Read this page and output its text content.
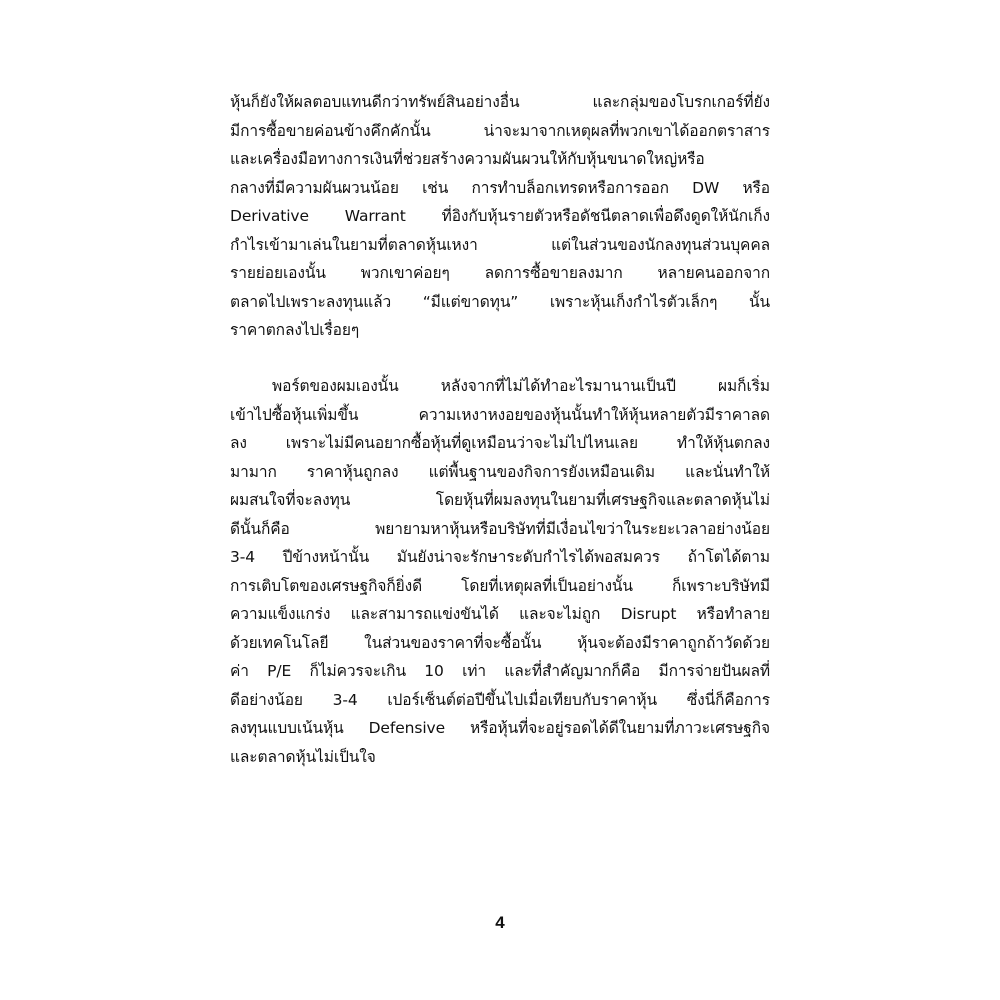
หุ้นก็ยังให้ผลตอบแทนดีกว่าทรัพย์สินอย่างอื่น และกลุ่มของโบรกเกอร์ที่ยัง
มีการซื้อขายค่อนข้างคึกคักนั้น น่าจะมาจากเหตุผลที่พวกเขาได้ออกตราสาร
และเครื่องมือทางการเงินที่ช่วยสร้างความผันผวนให้กับหุ้นขนาดใหญ่หรือ
กลางที่มีความผันผวนน้อย เช่น การทำบล็อกเทรดหรือการออก DW หรือ
Derivative Warrant ที่อิงกับหุ้นรายตัวหรือดัชนีตลาดเพื่อดึงดูดให้นักเก็ง
กำไรเข้ามาเล่นในยามที่ตลาดหุ้นเหงา แต่ในส่วนของนักลงทุนส่วนบุคคล
รายย่อยเองนั้น พวกเขาค่อยๆ ลดการซื้อขายลงมาก หลายคนออกจาก
ตลาดไปเพราะลงทุนแล้ว “มีแต่ขาดทุน” เพราะหุ้นเก็งกำไรตัวเล็กๆ นั้น
ราคาตกลงไปเรื่อยๆ
พอร์ตของผมเองนั้น หลังจากที่ไม่ได้ทำอะไรมานานเป็นปี ผมก็เริ่ม
เข้าไปซื้อหุ้นเพิ่มขึ้น ความเหงาหงอยของหุ้นนั้นทำให้หุ้นหลายตัวมีราคาลด
ลง เพราะไม่มีคนอยากซื้อหุ้นที่ดูเหมือนว่าจะไม่ไปไหนเลย ทำให้หุ้นตกลง
มามาก ราคาหุ้นถูกลง แต่พื้นฐานของกิจการยังเหมือนเดิม และนั่นทำให้
ผมสนใจที่จะลงทุน โดยหุ้นที่ผมลงทุนในยามที่เศรษฐกิจและตลาดหุ้นไม่
ดีนั้นก็คือ พยายามหาหุ้นหรือบริษัทที่มีเงื่อนไขว่าในระยะเวลาอย่างน้อย
3-4 ปีข้างหน้านั้น มันยังน่าจะรักษาระดับกำไรได้พอสมควร ถ้าโตได้ตาม
การเติบโตของเศรษฐกิจก็ยิ่งดี โดยที่เหตุผลที่เป็นอย่างนั้น ก็เพราะบริษัทมี
ความแข็งแกร่ง และสามารถแข่งขันได้ และจะไม่ถูก Disrupt หรือทำลาย
ด้วยเทคโนโลยี ในส่วนของราคาที่จะซื้อนั้น หุ้นจะต้องมีราคาถูกถ้าวัดด้วย
ค่า P/E ก็ไม่ควรจะเกิน 10 เท่า และที่สำคัญมากก็คือ มีการจ่ายปันผลที่
ดีอย่างน้อย 3-4 เปอร์เซ็นต์ต่อปีขึ้นไปเมื่อเทียบกับราคาหุ้น ซึ่งนี่ก็คือการ
ลงทุนแบบเน้นหุ้น Defensive หรือหุ้นที่จะอยู่รอดได้ดีในยามที่ภาวะเศรษฐกิจ
และตลาดหุ้นไม่เป็นใจ
4
